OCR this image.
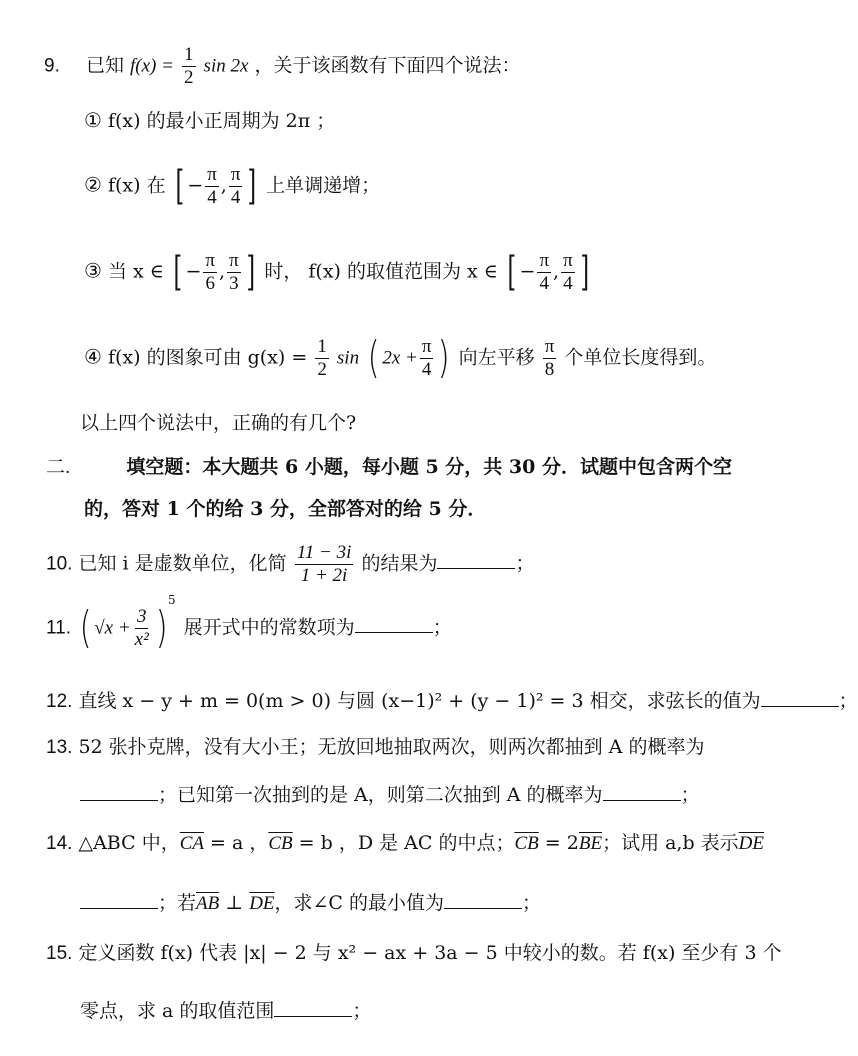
9. 已知 $f(x) = \frac{1}{2}$ sin 2x ，关于该函数有下面四个说法：
① f(x) 的最小正周期为 2π ；
② f(x) 在 [ − $\frac{\pi}{4}$ , $\frac{\pi}{4}$ ] 上单调递增；
③ 当 x ∈ [ − $\frac{\pi}{6}$ , $\frac{\pi}{3}$ ] 时， f(x) 的取值范围为 x ∈ [ − $\frac{\pi}{4}$ , $\frac{\pi}{4}$ ]
④ f(x) 的图象可由 $g(x) = \frac{1}{2}$ sin ( $2x + \frac{\pi}{4}$ ) 向左平移 $\frac{\pi}{8}$ 个单位长度得到。
以上四个说法中，正确的有几个?
二.	填空题：本大题共 6 小题，每小题 5 分，共 30 分．试题中包含两个空
的，答对 1 个的给 3 分，全部答对的给 5 分．
10. 已知 i 是虚数单位，化简 $\frac{11 - 3i}{1 + 2i}$ 的结果为	；
11. ( $√x + \frac{3}{\text{x²}} )^5$ 展开式中的常数项为	；
12. 直线 x − y + m = 0(m > 0) 与圆 (x−1)² + (y − 1)² = 3 相交，求弦长的值为	；
13. 52 张扑克牌，没有大小王；无放回地抽取两次，则两次都抽到 A 的概率为
；已知第一次抽到的是 A，则第二次抽到 A 的概率为	；
14. △ABC 中，$\overline{CA} = a$ ，$\overline{CB} = b$ ，D 是 AC 的中点；$\overline{CB} = 2\overline{BE}$；试用 a,b 表示$\overline{DE}$
；若$\overline{AB}$ ⊥ $\overline{DE}$，求∠C 的最小值为	；
15. 定义函数 f(x) 代表 |x| − 2 与 x² − ax + 3a − 5 中较小的数。若 f(x) 至少有 3 个
零点，求 a 的取值范围	；
